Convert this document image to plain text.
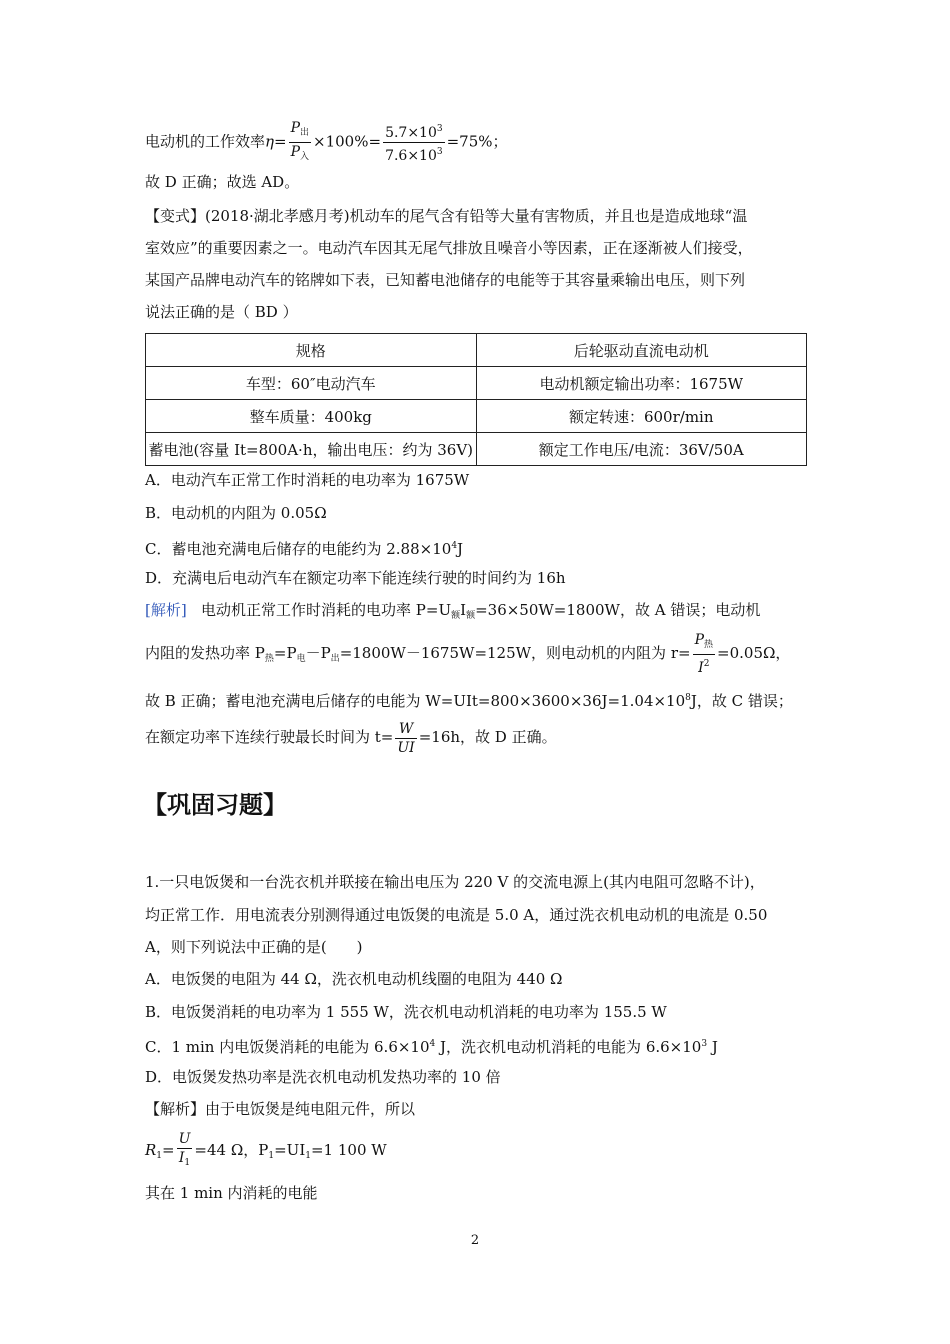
电动机的工作效率$\eta= \frac{P_出}{P_入} \times 100\%= \frac{5.7\times 10^3}{7.6\times 10^3} =75\%$；
故 D 正确；故选 AD。
【变式】(2018·湖北孝感月考)机动车的尾气含有铅等大量有害物质，并且也是造成地球“温
室效应”的重要因素之一。电动汽车因其无尾气排放且噪音小等因素，正在逐渐被人们接受，
某国产品牌电动汽车的铭牌如下表，已知蓄电池储存的电能等于其容量乘输出电压，则下列
说法正确的是（ BD ）
规格	后轮驱动直流电动机
车型：60″电动汽车	电动机额定输出功率：1675W
整车质量：400kg	额定转速：600r/min
蓄电池(容量 It=800A·h，输出电压：约为 36V)	额定工作电压/电流：36V/50A
A．电动汽车正常工作时消耗的电功率为 1675W
B．电动机的内阻为 0.05Ω
C．蓄电池充满电后储存的电能约为 $2.88\times 10^4J$
D．充满电后电动汽车在额定功率下能连续行驶的时间约为 16h
[解析] 电动机正常工作时消耗的电功率 $P=U_额I_额=36\times 50W=1800W$，故 A 错误；电动机
内阻的发热功率 $P_热=P_电-P_出=1800W-1675W=125W$，则电动机的内阻为 $r= \frac{P_热}{I^2} =0.05\Omega$，
故 B 正确；蓄电池充满电后储存的电能为 $W=UIt=800\times 3600\times 36J=1.04\times 10^8J$，故 C 错误；
在额定功率下连续行驶最长时间为 $t= \frac{W}{UI} =16h$，故 D 正确。
【巩固习题】
1.一只电饭煲和一台洗衣机并联接在输出电压为 220 V 的交流电源上(其内电阻可忽略不计)，
均正常工作．用电流表分别测得通过电饭煲的电流是 5.0 A，通过洗衣机电动机的电流是 0.50
A，则下列说法中正确的是(　　)
A．电饭煲的电阻为 44 Ω，洗衣机电动机线圈的电阻为 440 Ω
B．电饭煲消耗的电功率为 1 555 W，洗衣机电动机消耗的电功率为 155.5 W
C．1 min 内电饭煲消耗的电能为 $6.6\times 10^4$ J，洗衣机电动机消耗的电能为 $6.6\times 10^3$ J
D．电饭煲发热功率是洗衣机电动机发热功率的 10 倍
【解析】由于电饭煲是纯电阻元件，所以
$R_1= \frac{U}{I_1} =44$ Ω，$P_1=UI_1=1$ 100 W
其在 1 min 内消耗的电能
2
